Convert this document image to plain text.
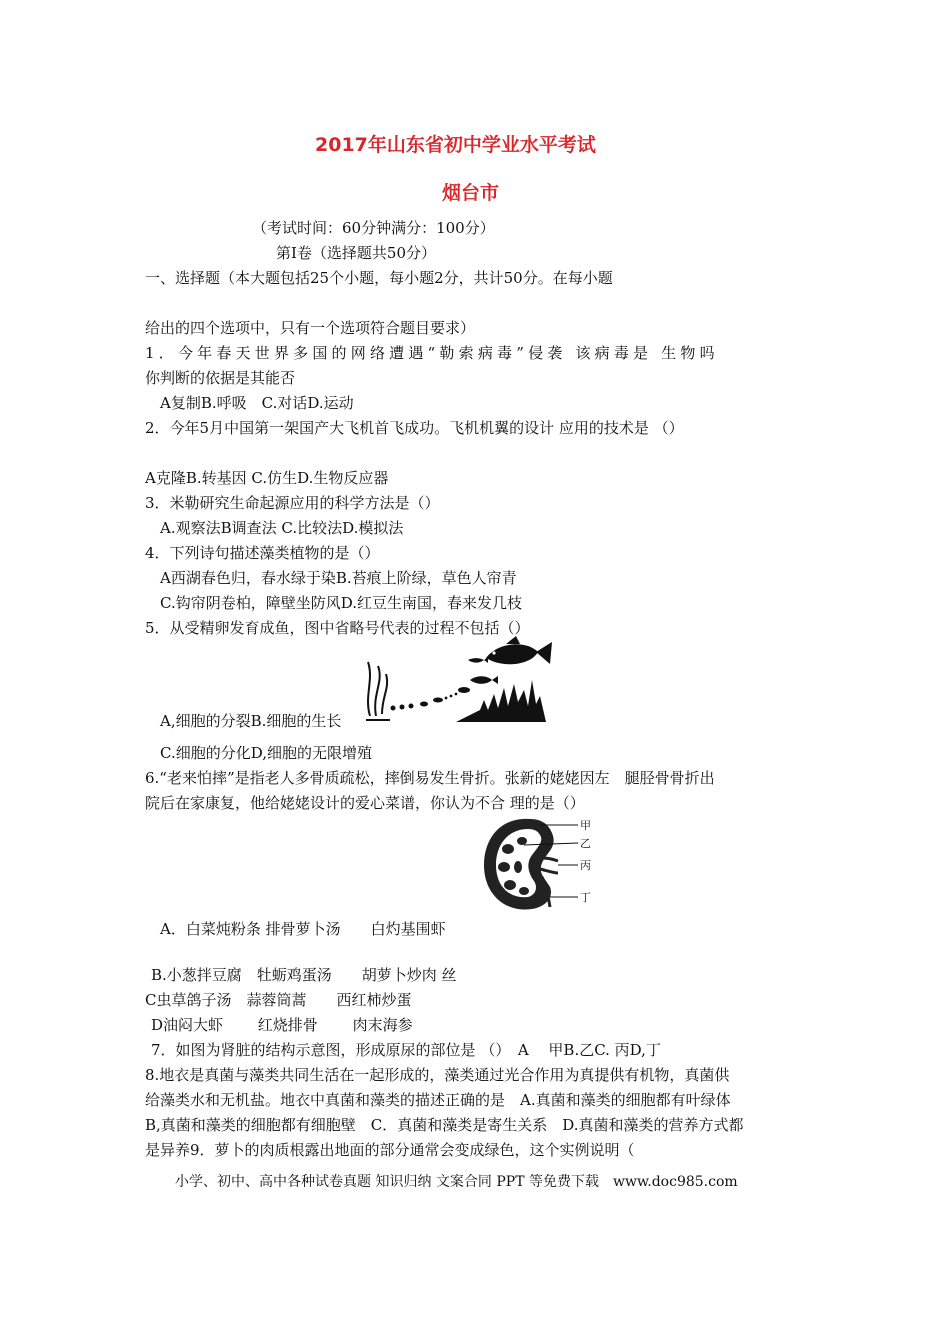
2017年山东省初中学业水平考试
烟台市
（考试时间：60分钟满分：100分）
第Ⅰ卷（选择题共50分）
一、选择题（本大题包括25个小题，每小题2分，共计50分。在每小题
给出的四个选项中，只有一个选项符合题目要求）
1．今年春天世界多国的网络遭遇“勒索病毒”侵袭 该病毒是 生物吗
你判断的依据是其能否
A复制B.呼吸　C.对话D.运动
2．今年5月中国第一架国产大飞机首飞成功。飞机机翼的设计 应用的技术是 （）
A克隆B.转基因 C.仿生D.生物反应器
3．米勒研究生命起源应用的科学方法是（）
A.观察法B调查法 C.比较法D.模拟法
4．下列诗句描述藻类植物的是（）
A西湖春色归，春水绿于染B.苔痕上阶绿，草色人帘青
C.钩帘阴卷柏，障壁坐防风D.红豆生南国，春来发几枝
5．从受精卵发育成鱼，图中省略号代表的过程不包括（）
A,细胞的分裂B.细胞的生长
C.细胞的分化D,细胞的无限增殖
6.“老来怕摔”是指老人多骨质疏松，摔倒易发生骨折。张新的姥姥因左　腿胫骨骨折出
院后在家康复，他给姥姥设计的爱心菜谱，你认为不合 理的是（）
甲
乙
丙
丁
A．白菜炖粉条 排骨萝卜汤　　白灼基围虾
B.小葱拌豆腐　牡蛎鸡蛋汤　　胡萝卜炒肉 丝
C虫草鸽子汤　蒜蓉筒蒿　　西红柿炒蛋
D油闷大虾　　 红烧排骨　　 肉末海参
7．如图为肾脏的结构示意图，形成原尿的部位是 （）　A　 甲B.乙C. 丙D,丁
8.地衣是真菌与藻类共同生活在一起形成的，藻类通过光合作用为真提供有机物，真菌供
给藻类水和无机盐。地衣中真菌和藻类的描述正确的是　A.真菌和藻类的细胞都有叶绿体
B,真菌和藻类的细胞都有细胞壁　C．真菌和藻类是寄生关系　D.真菌和藻类的营养方式都
是异养9．萝卜的肉质根露出地面的部分通常会变成绿色，这个实例说明（
小学、初中、高中各种试卷真题 知识归纳 文案合同 PPT 等免费下载　www.doc985.com
